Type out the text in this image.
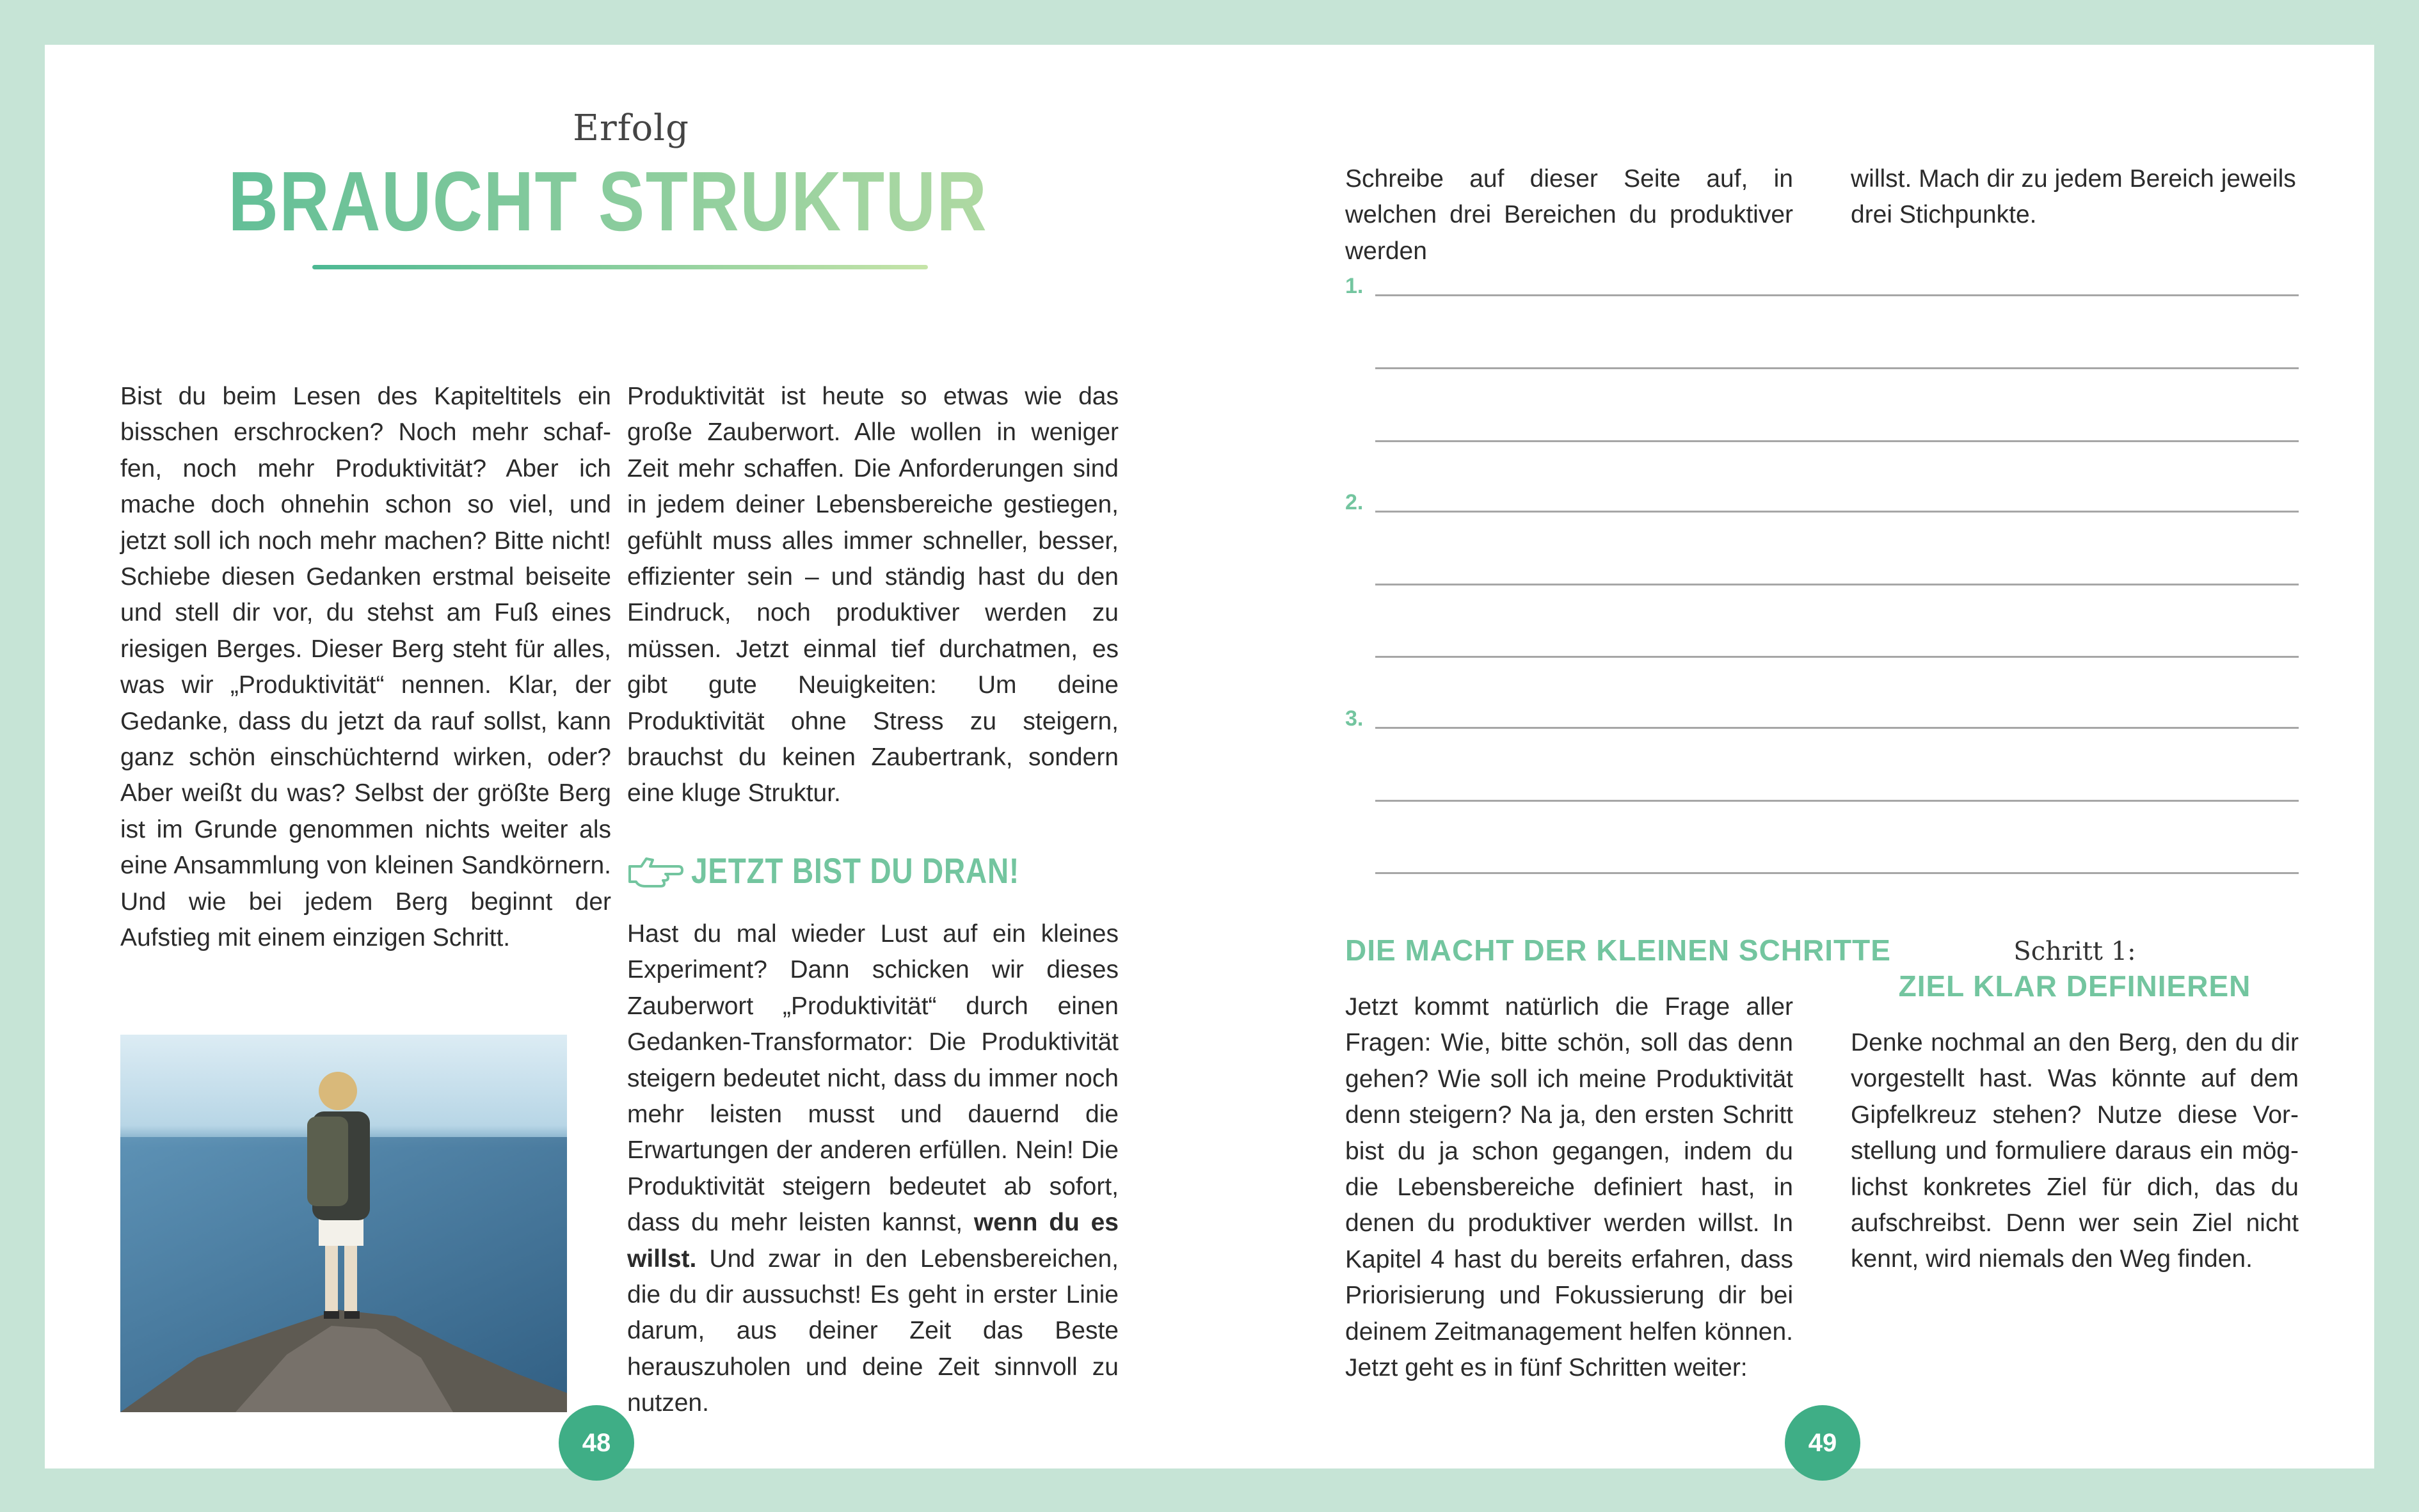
Erfolg
BRAUCHT STRUKTUR

Bist du beim Lesen des Kapiteltitels ein bisschen erschrocken? Noch mehr schaffen, noch mehr Produktivität? Aber ich mache doch ohnehin schon so viel, und jetzt soll ich noch mehr machen? Bitte nicht! Schiebe diesen Gedanken erstmal beiseite und stell dir vor, du stehst am Fuß eines riesigen Berges. Dieser Berg steht für alles, was wir „Produktivität“ nennen. Klar, der Gedanke, dass du jetzt da rauf sollst, kann ganz schön einschüchternd wirken, oder? Aber weißt du was? Selbst der größte Berg ist im Grunde genommen nichts weiter als eine Ansammlung von kleinen Sandkörnern. Und wie bei jedem Berg beginnt der Aufstieg mit einem einzigen Schritt.

Produktivität ist heute so etwas wie das große Zauberwort. Alle wollen in weniger Zeit mehr schaffen. Die Anforderungen sind in jedem deiner Lebensbereiche gestiegen, gefühlt muss alles immer schneller, besser, effizienter sein – und ständig hast du den Eindruck, noch produktiver werden zu müssen. Jetzt einmal tief durchatmen, es gibt gute Neuigkeiten: Um deine Produktivität ohne Stress zu steigern, brauchst du keinen Zaubertrank, sondern eine kluge Struktur.

JETZT BIST DU DRAN!

Hast du mal wieder Lust auf ein kleines Experiment? Dann schicken wir dieses Zauberwort „Produktivität“ durch einen Gedanken-Transformator: Die Produktivität steigern bedeutet nicht, dass du immer noch mehr leisten musst und dauernd die Erwartungen der anderen erfüllen. Nein! Die Produktivität steigern bedeutet ab sofort, dass du mehr leisten kannst, wenn du es willst. Und zwar in den Lebensbereichen, die du dir aussuchst! Es geht in erster Linie darum, aus deiner Zeit das Beste herauszuholen und deine Zeit sinnvoll zu nutzen.

48

Schreibe auf dieser Seite auf, in welchen drei Bereichen du produktiver werden

willst. Mach dir zu jedem Bereich jeweils drei Stichpunkte.

1.
2.
3.
DIE MACHT DER KLEINEN SCHRITTE

Jetzt kommt natürlich die Frage aller Fragen: Wie, bitte schön, soll das denn gehen? Wie soll ich meine Produktivität denn steigern? Na ja, den ersten Schritt bist du ja schon gegangen, indem du die Lebensbereiche definiert hast, in denen du produktiver werden willst. In Kapitel 4 hast du bereits erfahren, dass Priorisierung und Fokussierung dir bei deinem Zeitmanagement helfen können. Jetzt geht es in fünf Schritten weiter:

Schritt 1:
ZIEL KLAR DEFINIEREN

Denke nochmal an den Berg, den du dir vorgestellt hast. Was könnte auf dem Gipfelkreuz stehen? Nutze diese Vorstellung und formuliere daraus ein möglichst konkretes Ziel für dich, das du aufschreibst. Denn wer sein Ziel nicht kennt, wird niemals den Weg finden.

49
